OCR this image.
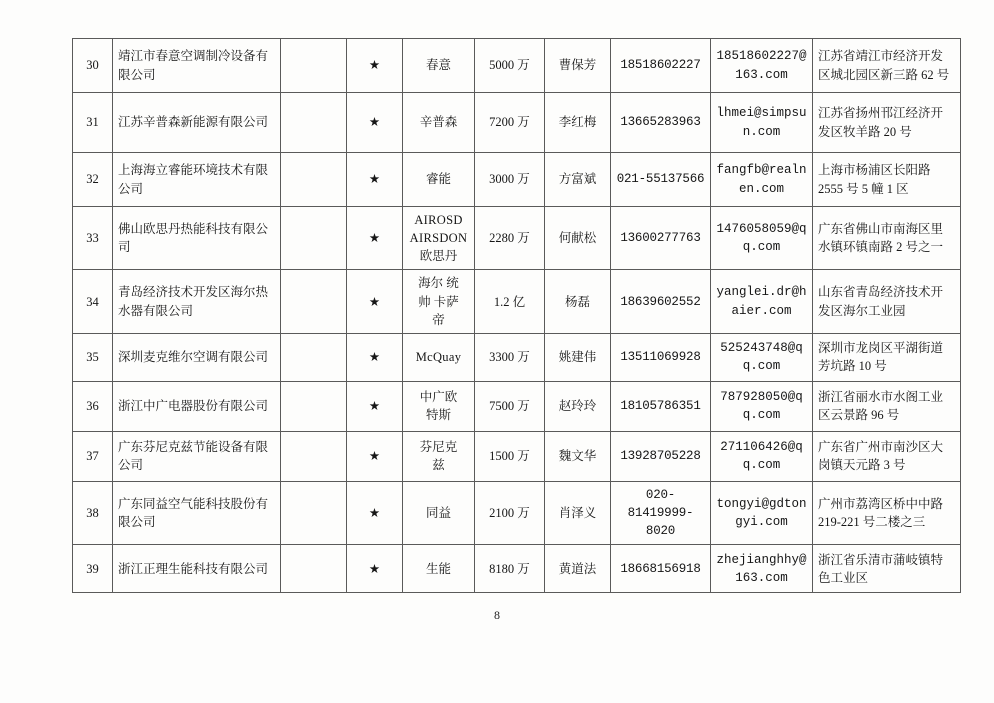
30	靖江市春意空调制冷设备有限公司		★	春意	5000 万	曹保芳	18518602227	18518602227@163.com	江苏省靖江市经济开发区城北园区新三路 62 号
31	江苏辛普森新能源有限公司		★	辛普森	7200 万	李红梅	13665283963	lhmei@simpsun.com	江苏省扬州邗江经济开发区牧羊路 20 号
32	上海海立睿能环境技术有限公司		★	睿能	3000 万	方富斌	021-55137566	fangfb@realnen.com	上海市杨浦区长阳路 2555 号 5 幢 1 区
33	佛山欧思丹热能科技有限公司		★	AIROSD
AIRSDON
欧思丹	2280 万	何献松	13600277763	1476058059@qq.com	广东省佛山市南海区里水镇环镇南路 2 号之一
34	青岛经济技术开发区海尔热水器有限公司		★	海尔 统
帅 卡萨
帝	1.2 亿	杨磊	18639602552	yanglei.dr@haier.com	山东省青岛经济技术开发区海尔工业园
35	深圳麦克维尔空调有限公司		★	McQuay	3300 万	姚建伟	13511069928	525243748@qq.com	深圳市龙岗区平湖街道芳坑路 10 号
36	浙江中广电器股份有限公司		★	中广欧
特斯	7500 万	赵玲玲	18105786351	787928050@qq.com	浙江省丽水市水阁工业区云景路 96 号
37	广东芬尼克兹节能设备有限公司		★	芬尼克
兹	1500 万	魏文华	13928705228	271106426@qq.com	广东省广州市南沙区大岗镇天元路 3 号
38	广东同益空气能科技股份有限公司		★	同益	2100 万	肖泽义	020-81419999-8020	tongyi@gdtongyi.com	广州市荔湾区桥中中路 219-221 号二楼之三
39	浙江正理生能科技有限公司		★	生能	8180 万	黄道法	18668156918	zhejianghhy@163.com	浙江省乐清市蒲岐镇特色工业区
8
